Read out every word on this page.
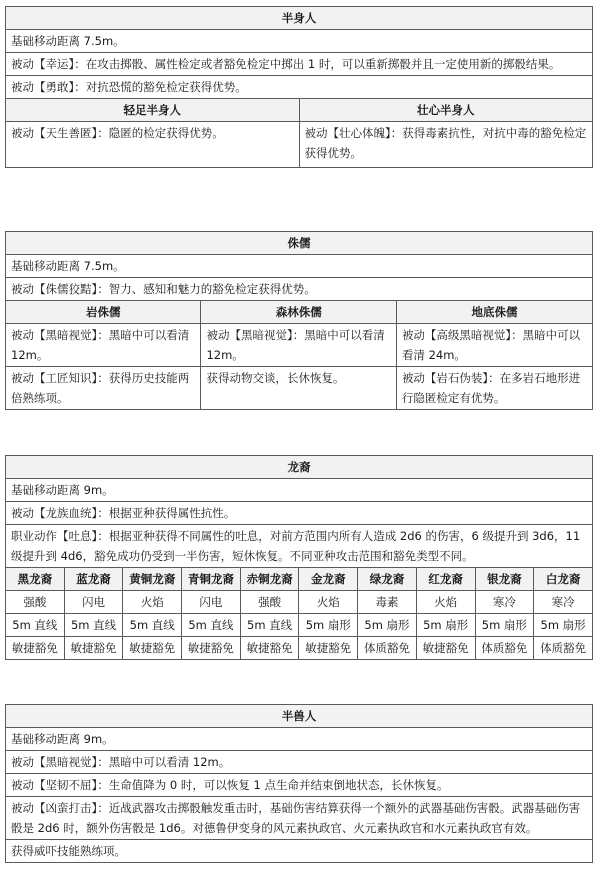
半身人	
基础移动距离 7.5m。	
被动【幸运】：在攻击掷骰、属性检定或者豁免检定中掷出 1 时，可以重新掷骰并且一定使用新的掷骰结果。	
被动【勇敢】：对抗恐慌的豁免检定获得优势。	
轻足半身人	壮心半身人
被动【天生善匿】：隐匿的检定获得优势。	被动【壮心体魄】：获得毒素抗性，对抗中毒的豁免检定获得优势。
侏儒		
基础移动距离 7.5m。		
被动【侏儒狡黠】：智力、感知和魅力的豁免检定获得优势。		
岩侏儒	森林侏儒	地底侏儒
被动【黑暗视觉】：黑暗中可以看清 12m。	被动【黑暗视觉】：黑暗中可以看清 12m。	被动【高级黑暗视觉】：黑暗中可以看清 24m。
被动【工匠知识】：获得历史技能两倍熟练项。	获得动物交谈，长休恢复。	被动【岩石伪装】：在多岩石地形进行隐匿检定有优势。
龙裔									
基础移动距离 9m。									
被动【龙族血统】：根据亚种获得属性抗性。									
职业动作【吐息】：根据亚种获得不同属性的吐息，对前方范围内所有人造成 2d6 的伤害，6 级提升到 3d6，11 级提升到 4d6，豁免成功仍受到一半伤害，短休恢复。不同亚种攻击范围和豁免类型不同。									
黑龙裔	蓝龙裔	黄铜龙裔	青铜龙裔	赤铜龙裔	金龙裔	绿龙裔	红龙裔	银龙裔	白龙裔
强酸	闪电	火焰	闪电	强酸	火焰	毒素	火焰	寒冷	寒冷
5m 直线	5m 直线	5m 直线	5m 直线	5m 直线	5m 扇形	5m 扇形	5m 扇形	5m 扇形	5m 扇形
敏捷豁免	敏捷豁免	敏捷豁免	敏捷豁免	敏捷豁免	敏捷豁免	体质豁免	敏捷豁免	体质豁免	体质豁免
半兽人
基础移动距离 9m。
被动【黑暗视觉】：黑暗中可以看清 12m。
被动【坚韧不屈】：生命值降为 0 时，可以恢复 1 点生命并结束倒地状态，长休恢复。
被动【凶蛮打击】：近战武器攻击掷骰触发重击时，基础伤害结算获得一个额外的武器基础伤害骰。武器基础伤害骰是 2d6 时，额外伤害骰是 1d6。对德鲁伊变身的风元素执政官、火元素执政官和水元素执政官有效。
获得威吓技能熟练项。
